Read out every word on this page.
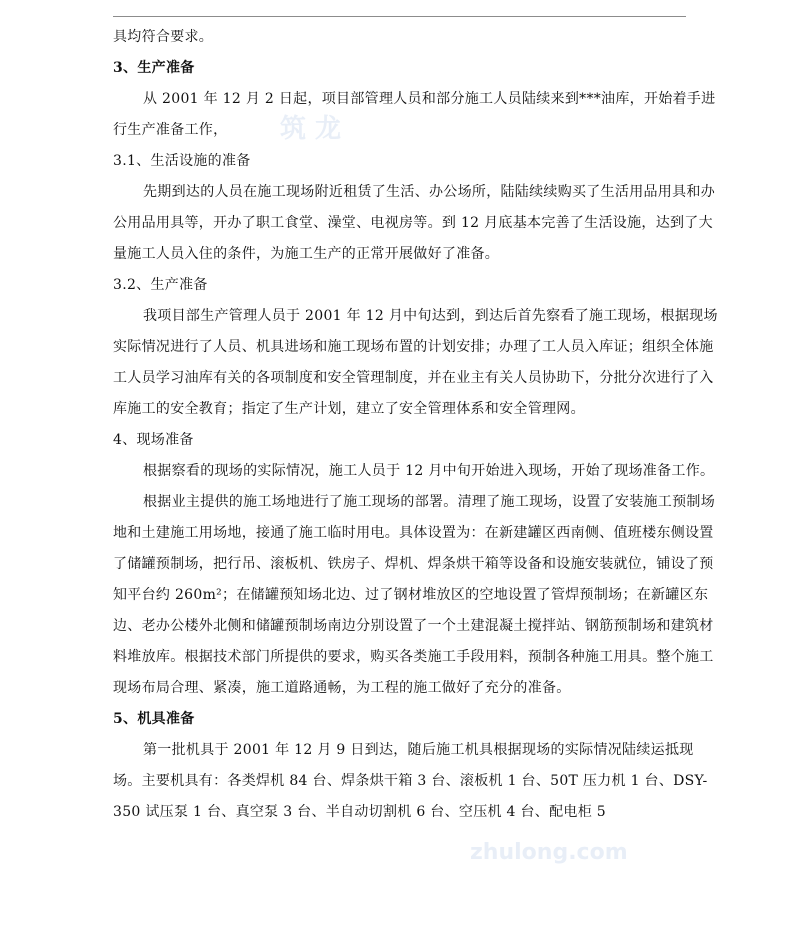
筑 龙
zhulong.com

具均符合要求。

3、生产准备

从 2001 年 12 月 2 日起，项目部管理人员和部分施工人员陆续来到***油库，开始着手进行生产准备工作，

3.1、生活设施的准备

先期到达的人员在施工现场附近租赁了生活、办公场所，陆陆续续购买了生活用品用具和办公用品用具等，开办了职工食堂、澡堂、电视房等。到 12 月底基本完善了生活设施，达到了大量施工人员入住的条件，为施工生产的正常开展做好了准备。

3.2、生产准备

我项目部生产管理人员于 2001 年 12 月中旬达到，到达后首先察看了施工现场，根据现场实际情况进行了人员、机具进场和施工现场布置的计划安排；办理了工人员入库证；组织全体施工人员学习油库有关的各项制度和安全管理制度，并在业主有关人员协助下，分批分次进行了入库施工的安全教育；指定了生产计划，建立了安全管理体系和安全管理网。

4、现场准备

根据察看的现场的实际情况，施工人员于 12 月中旬开始进入现场，开始了现场准备工作。

根据业主提供的施工场地进行了施工现场的部署。清理了施工现场，设置了安装施工预制场地和土建施工用场地，接通了施工临时用电。具体设置为：在新建罐区西南侧、值班楼东侧设置了储罐预制场，把行吊、滚板机、铁房子、焊机、焊条烘干箱等设备和设施安装就位，铺设了预知平台约 260m²；在储罐预知场北边、过了钢材堆放区的空地设置了管焊预制场；在新罐区东边、老办公楼外北侧和储罐预制场南边分别设置了一个土建混凝土搅拌站、钢筋预制场和建筑材料堆放库。根据技术部门所提供的要求，购买各类施工手段用料，预制各种施工用具。整个施工现场布局合理、紧凑，施工道路通畅，为工程的施工做好了充分的准备。

5、机具准备

第一批机具于 2001 年 12 月 9 日到达，随后施工机具根据现场的实际情况陆续运抵现场。主要机具有：各类焊机 84 台、焊条烘干箱 3 台、滚板机 1 台、50T 压力机 1 台、DSY-350 试压泵 1 台、真空泵 3 台、半自动切割机 6 台、空压机 4 台、配电柜 5
